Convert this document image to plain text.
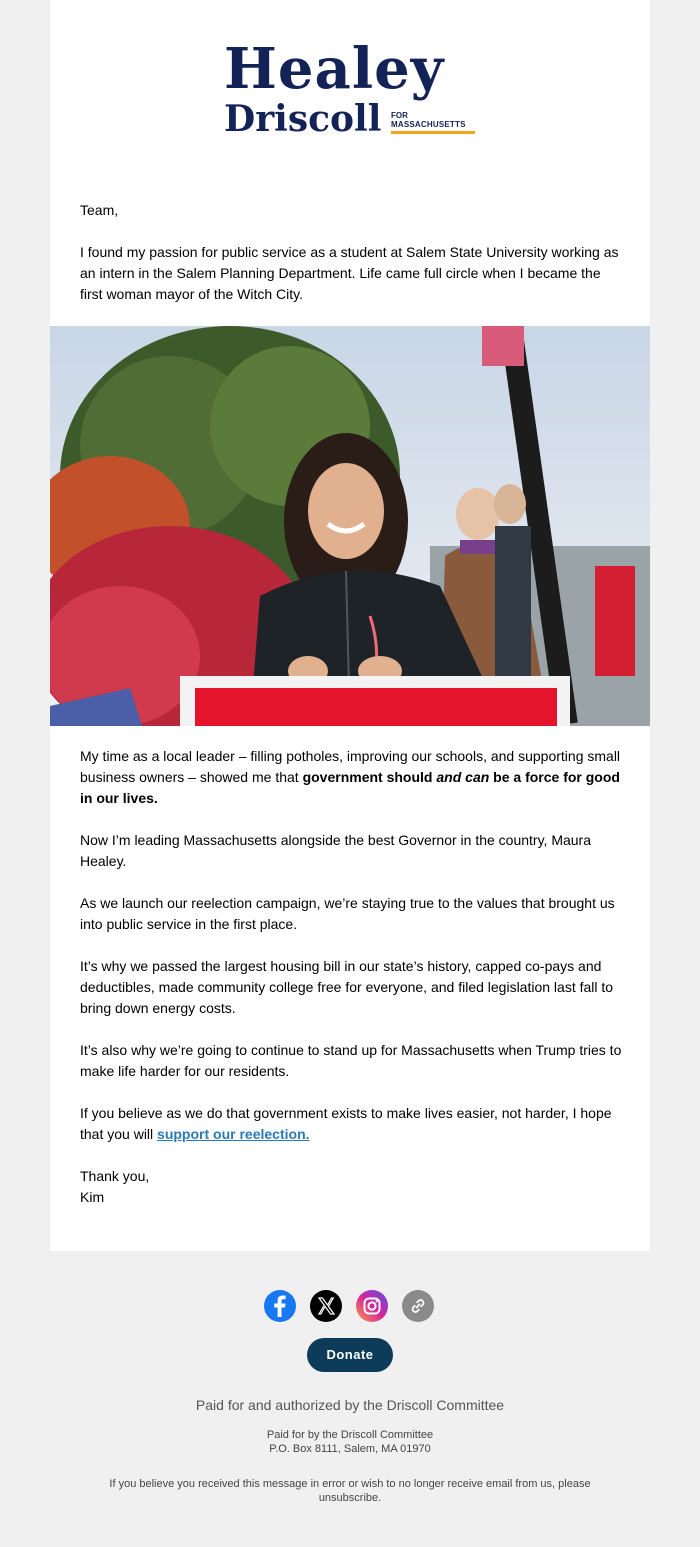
Healey
Driscoll FOR
MASSACHUSETTS

Team,

I found my passion for public service as a student at Salem State University working as an intern in the Salem Planning Department. Life came full circle when I became the first woman mayor of the Witch City.

My time as a local leader – filling potholes, improving our schools, and supporting small business owners – showed me that government should and can be a force for good in our lives.

Now I’m leading Massachusetts alongside the best Governor in the country, Maura Healey.

As we launch our reelection campaign, we’re staying true to the values that brought us into public service in the first place.

It’s why we passed the largest housing bill in our state’s history, capped co-pays and deductibles, made community college free for everyone, and filed legislation last fall to bring down energy costs.

It’s also why we’re going to continue to stand up for Massachusetts when Trump tries to make life harder for our residents.

If you believe as we do that government exists to make lives easier, not harder, I hope that you will support our reelection.

Thank you,

Kim

Donate
Paid for and authorized by the Driscoll Committee
Paid for by the Driscoll Committee
P.O. Box 8111, Salem, MA 01970
If you believe you received this message in error or wish to no longer receive email from us, please unsubscribe.
